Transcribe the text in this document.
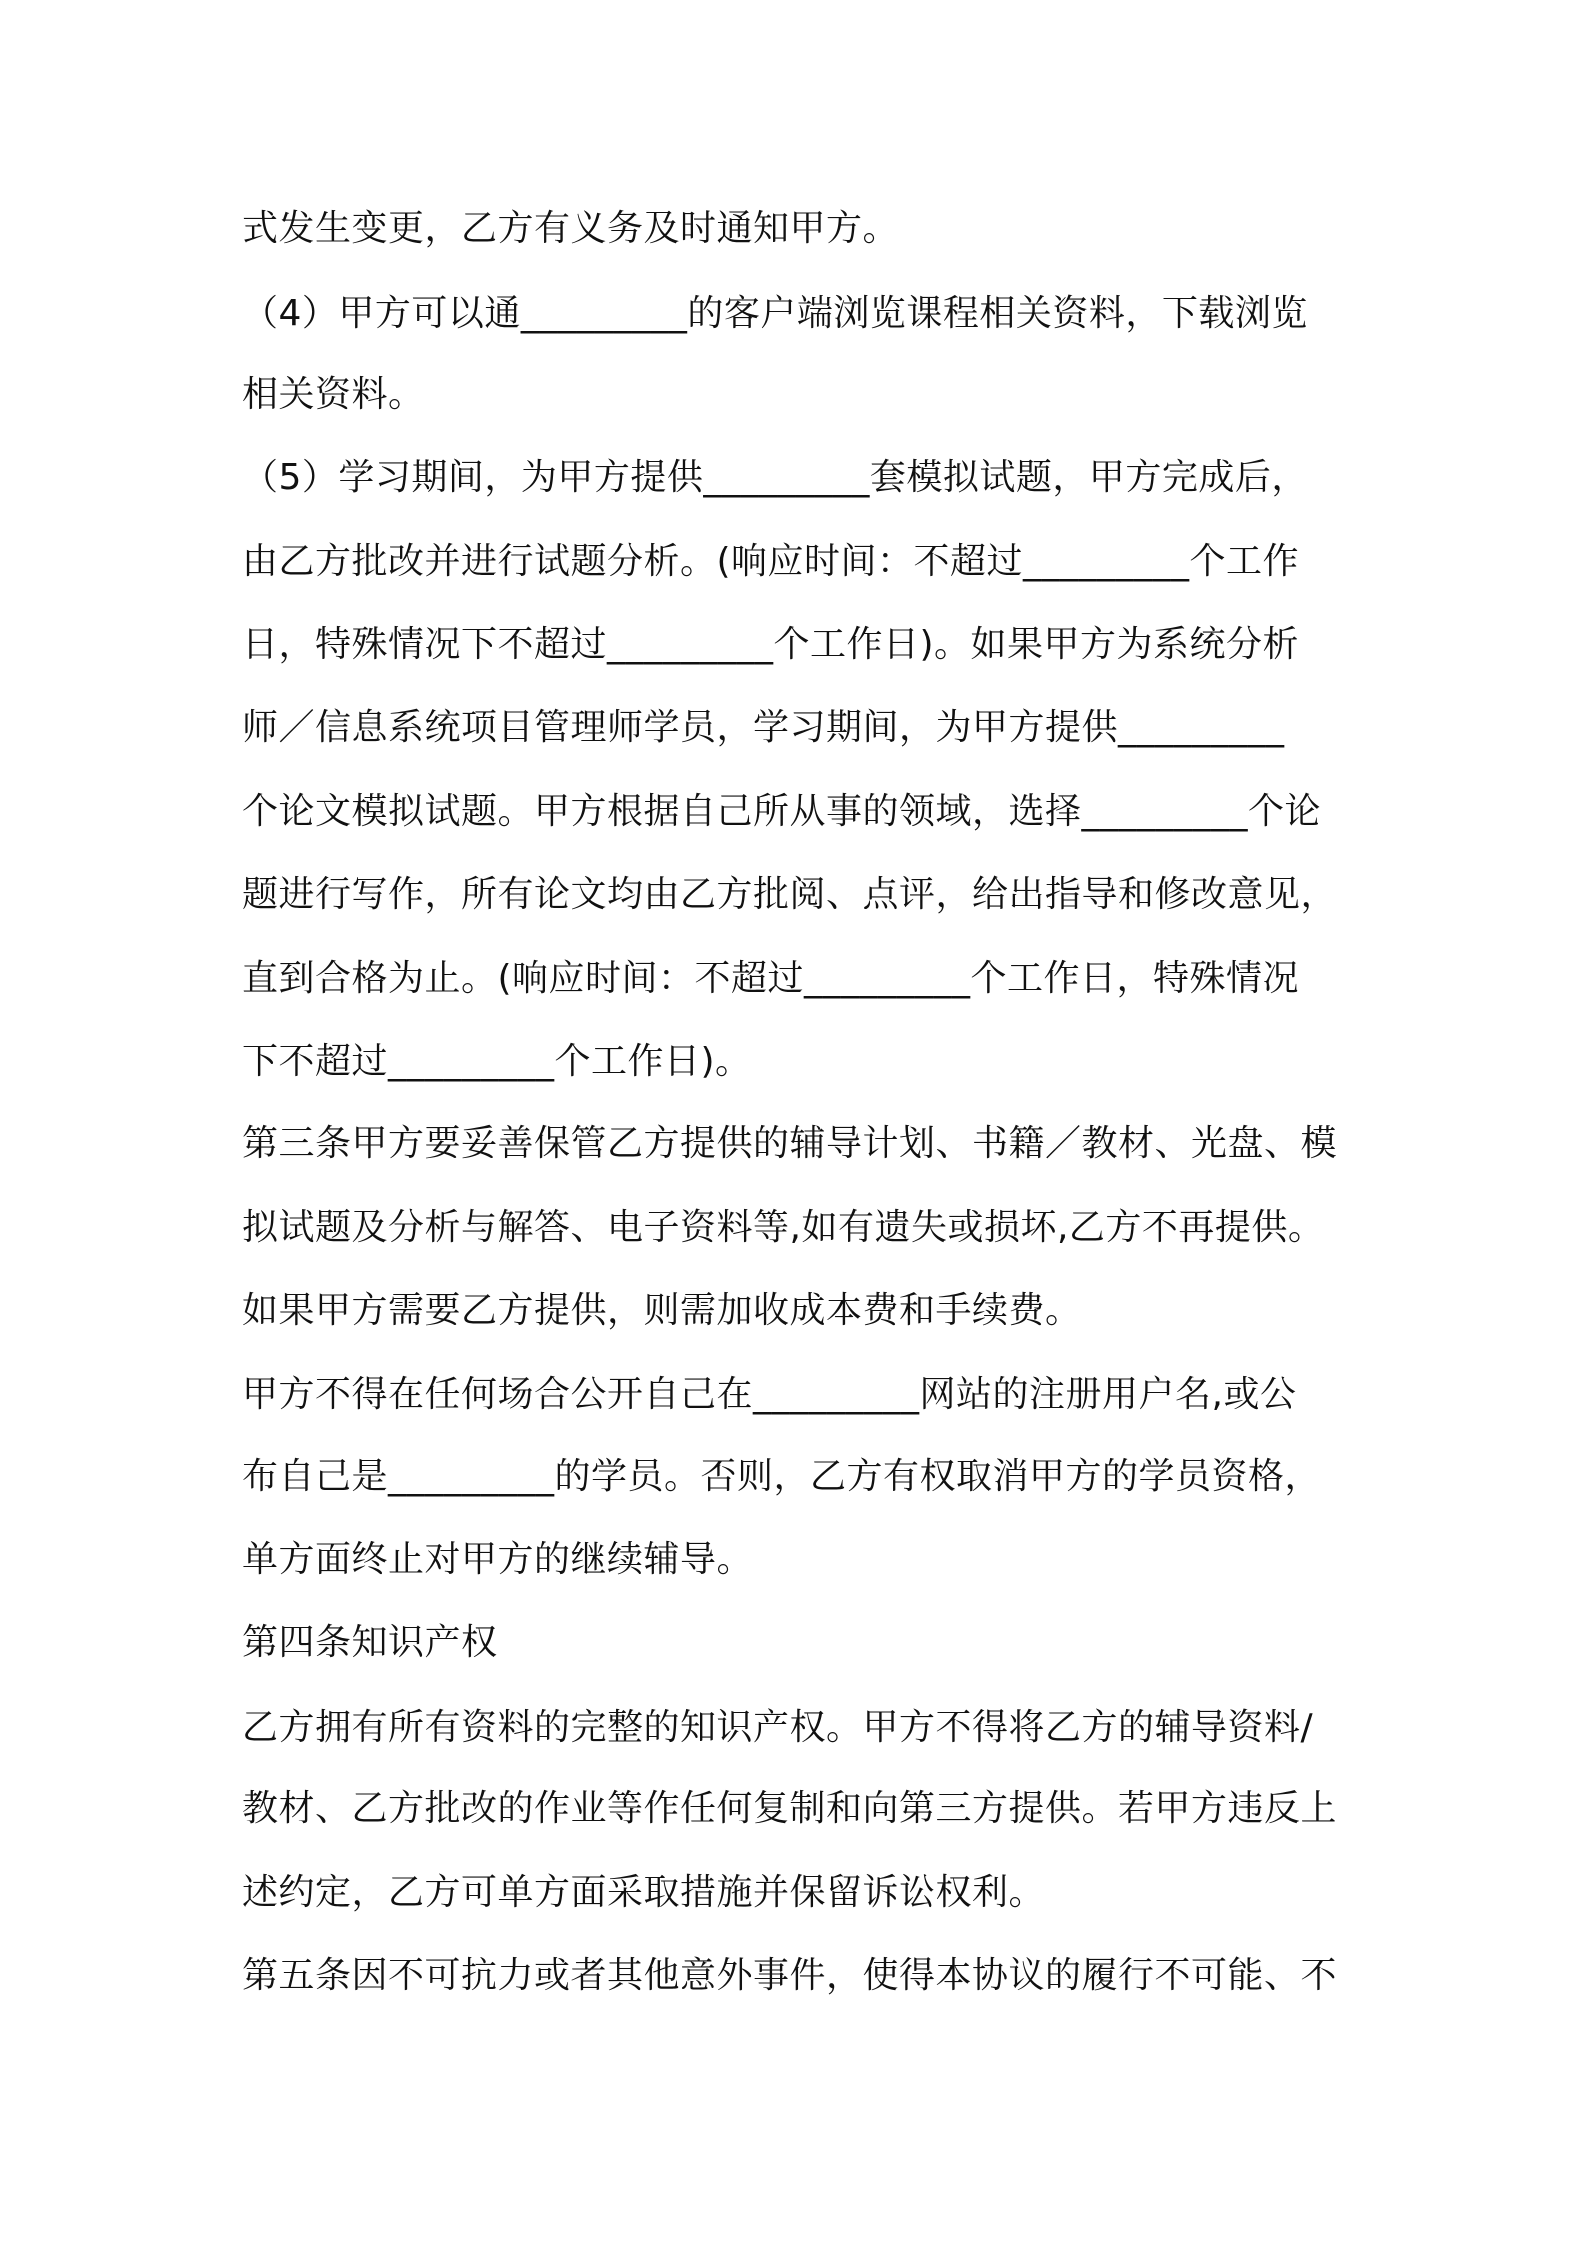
式发生变更，乙方有义务及时通知甲方。
（4）甲方可以通_________的客户端浏览课程相关资料，下载浏览
相关资料。
（5）学习期间，为甲方提供_________套模拟试题，甲方完成后，
由乙方批改并进行试题分析。(响应时间：不超过_________个工作
日，特殊情况下不超过_________个工作日)。如果甲方为系统分析
师／信息系统项目管理师学员，学习期间，为甲方提供_________
个论文模拟试题。甲方根据自己所从事的领域，选择_________个论
题进行写作，所有论文均由乙方批阅、点评，给出指导和修改意见，
直到合格为止。(响应时间：不超过_________个工作日，特殊情况
下不超过_________个工作日)。
第三条甲方要妥善保管乙方提供的辅导计划、书籍／教材、光盘、模
拟试题及分析与解答、电子资料等,如有遗失或损坏,乙方不再提供。
如果甲方需要乙方提供，则需加收成本费和手续费。
甲方不得在任何场合公开自己在_________网站的注册用户名,或公
布自己是_________的学员。否则，乙方有权取消甲方的学员资格，
单方面终止对甲方的继续辅导。
第四条知识产权
乙方拥有所有资料的完整的知识产权。甲方不得将乙方的辅导资料/
教材、乙方批改的作业等作任何复制和向第三方提供。若甲方违反上
述约定，乙方可单方面采取措施并保留诉讼权利。
第五条因不可抗力或者其他意外事件，使得本协议的履行不可能、不
